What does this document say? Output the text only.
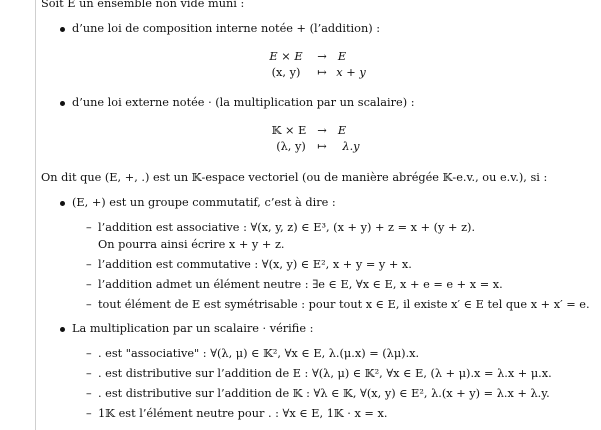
Soit E un ensemble non vide muni :
d’une loi de composition interne notée + (l’addition) :
E × E	→ E
(x, y)	↦ x + y
d’une loi externe notée · (la multiplication par un scalaire) :
𝕂 × E → E
(λ, y)	↦	λ.y
On dit que (E, +, .) est un 𝕂-espace vectoriel (ou de manière abrégée 𝕂-e.v., ou e.v.), si :
(E, +) est un groupe commutatif, c’est à dire :
– l’addition est associative : ∀(x, y, z) ∈ E³, (x + y) + z = x + (y + z).
On pourra ainsi écrire x + y + z.
– l’addition est commutative : ∀(x, y) ∈ E², x + y = y + x.
– l’addition admet un élément neutre : ∃e ∈ E, ∀x ∈ E, x + e = e + x = x.
– tout élément de E est symétrisable : pour tout x ∈ E, il existe x′ ∈ E tel que x + x′ = e.
La multiplication par un scalaire · vérifie :
– . est "associative" : ∀(λ, μ) ∈ 𝕂², ∀x ∈ E, λ.(μ.x) = (λμ).x.
– . est distributive sur l’addition de E : ∀(λ, μ) ∈ 𝕂², ∀x ∈ E, (λ + μ).x = λ.x + μ.x.
– . est distributive sur l’addition de 𝕂 : ∀λ ∈ 𝕂, ∀(x, y) ∈ E², λ.(x + y) = λ.x + λ.y.
– 1𝕂 est l’élément neutre pour . : ∀x ∈ E, 1𝕂 · x = x.
